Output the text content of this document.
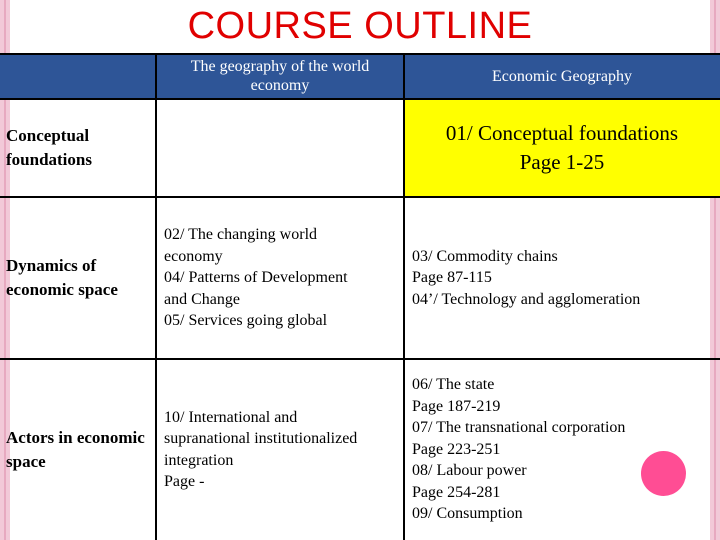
COURSE OUTLINE
The geography of the world economy
Economic Geography
Conceptual foundations
01/ Conceptual foundations
Page 1-25
Dynamics of economic space
02/ The changing world
economy
04/ Patterns of Development
and Change
05/ Services going global
03/ Commodity chains
Page 87-115
04’/ Technology and agglomeration
Actors in economic space
10/ International and
supranational institutionalized
integration
Page -
06/ The state
Page 187-219
07/ The transnational corporation
Page 223-251
08/ Labour power
Page 254-281
09/ Consumption
